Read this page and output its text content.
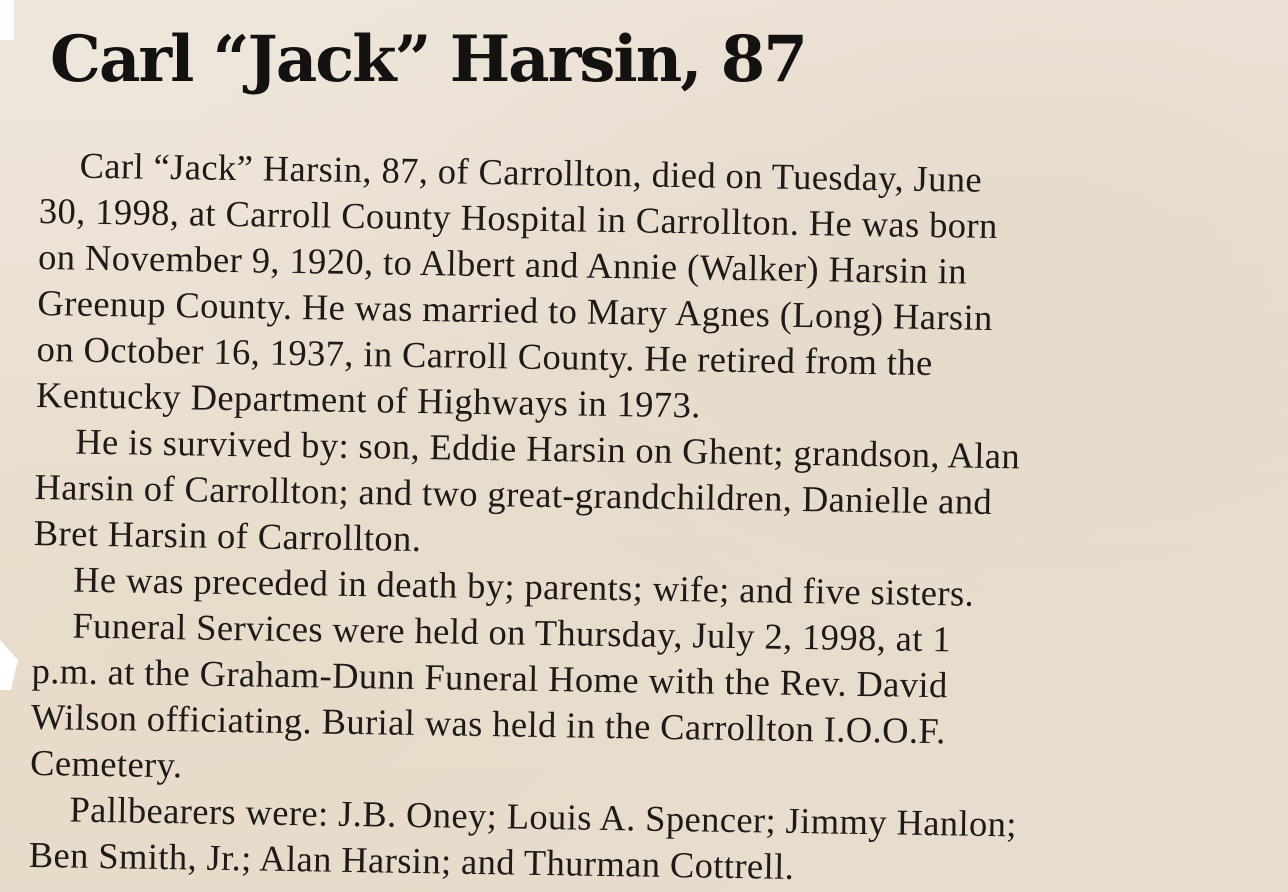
Carl “Jack” Harsin, 87
Carl “Jack” Harsin, 87, of Carrollton, died on Tuesday, June
30, 1998, at Carroll County Hospital in Carrollton. He was born
on November 9, 1920, to Albert and Annie (Walker) Harsin in
Greenup County. He was married to Mary Agnes (Long) Harsin
on October 16, 1937, in Carroll County. He retired from the
Kentucky Department of Highways in 1973.
He is survived by: son, Eddie Harsin on Ghent; grandson, Alan
Harsin of Carrollton; and two great-grandchildren, Danielle and
Bret Harsin of Carrollton.
He was preceded in death by; parents; wife; and five sisters.
Funeral Services were held on Thursday, July 2, 1998, at 1
p.m. at the Graham-Dunn Funeral Home with the Rev. David
Wilson officiating. Burial was held in the Carrollton I.O.O.F.
Cemetery.
Pallbearers were: J.B. Oney; Louis A. Spencer; Jimmy Hanlon;
Ben Smith, Jr.; Alan Harsin; and Thurman Cottrell.
